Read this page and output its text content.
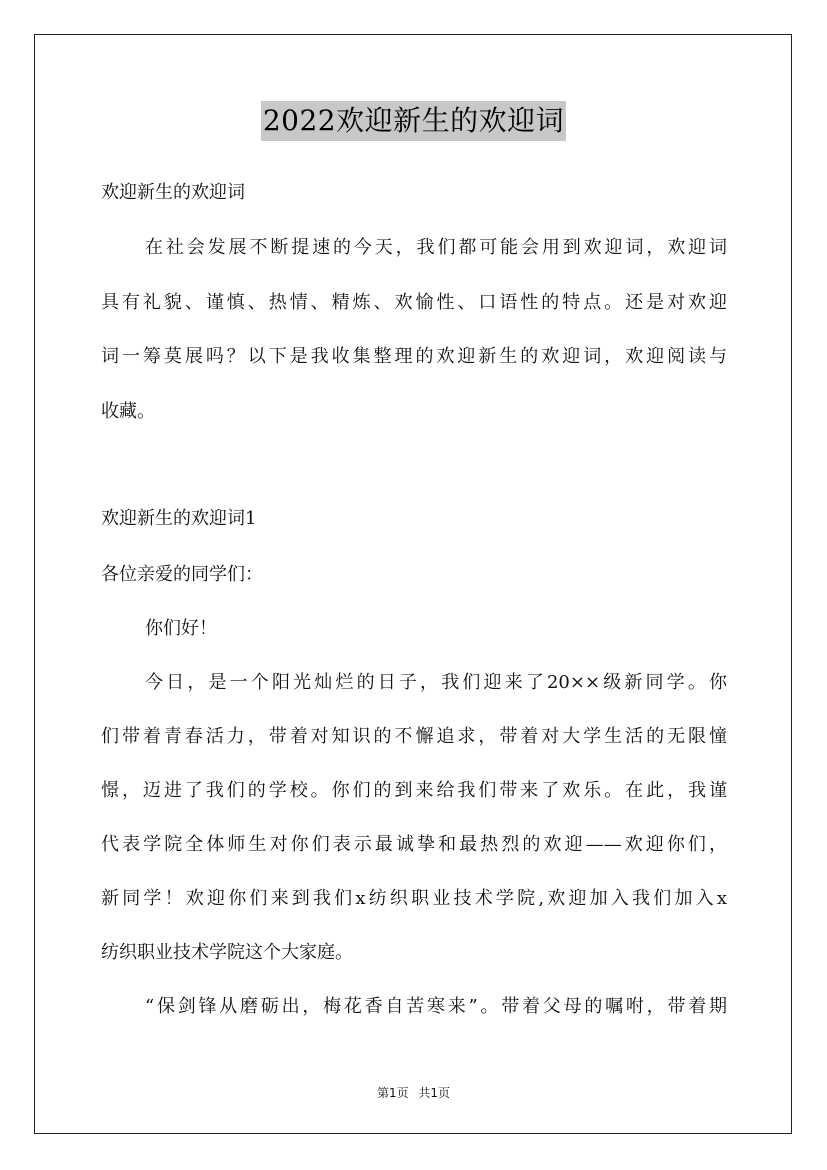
2022欢迎新生的欢迎词
欢迎新生的欢迎词
在社会发展不断提速的今天，我们都可能会用到欢迎词，欢迎词
具有礼貌、谨慎、热情、精炼、欢愉性、口语性的特点。还是对欢迎
词一筹莫展吗？以下是我收集整理的欢迎新生的欢迎词，欢迎阅读与
收藏。
欢迎新生的欢迎词1
各位亲爱的同学们：
你们好！
今日，是一个阳光灿烂的日子，我们迎来了20××级新同学。你
们带着青春活力，带着对知识的不懈追求，带着对大学生活的无限憧
憬，迈进了我们的学校。你们的到来给我们带来了欢乐。在此，我谨
代表学院全体师生对你们表示最诚挚和最热烈的欢迎——欢迎你们，
新同学！欢迎你们来到我们x纺织职业技术学院,欢迎加入我们加入x
纺织职业技术学院这个大家庭。
“保剑锋从磨砺出，梅花香自苦寒来”。带着父母的嘱咐，带着期
第1页 共1页
